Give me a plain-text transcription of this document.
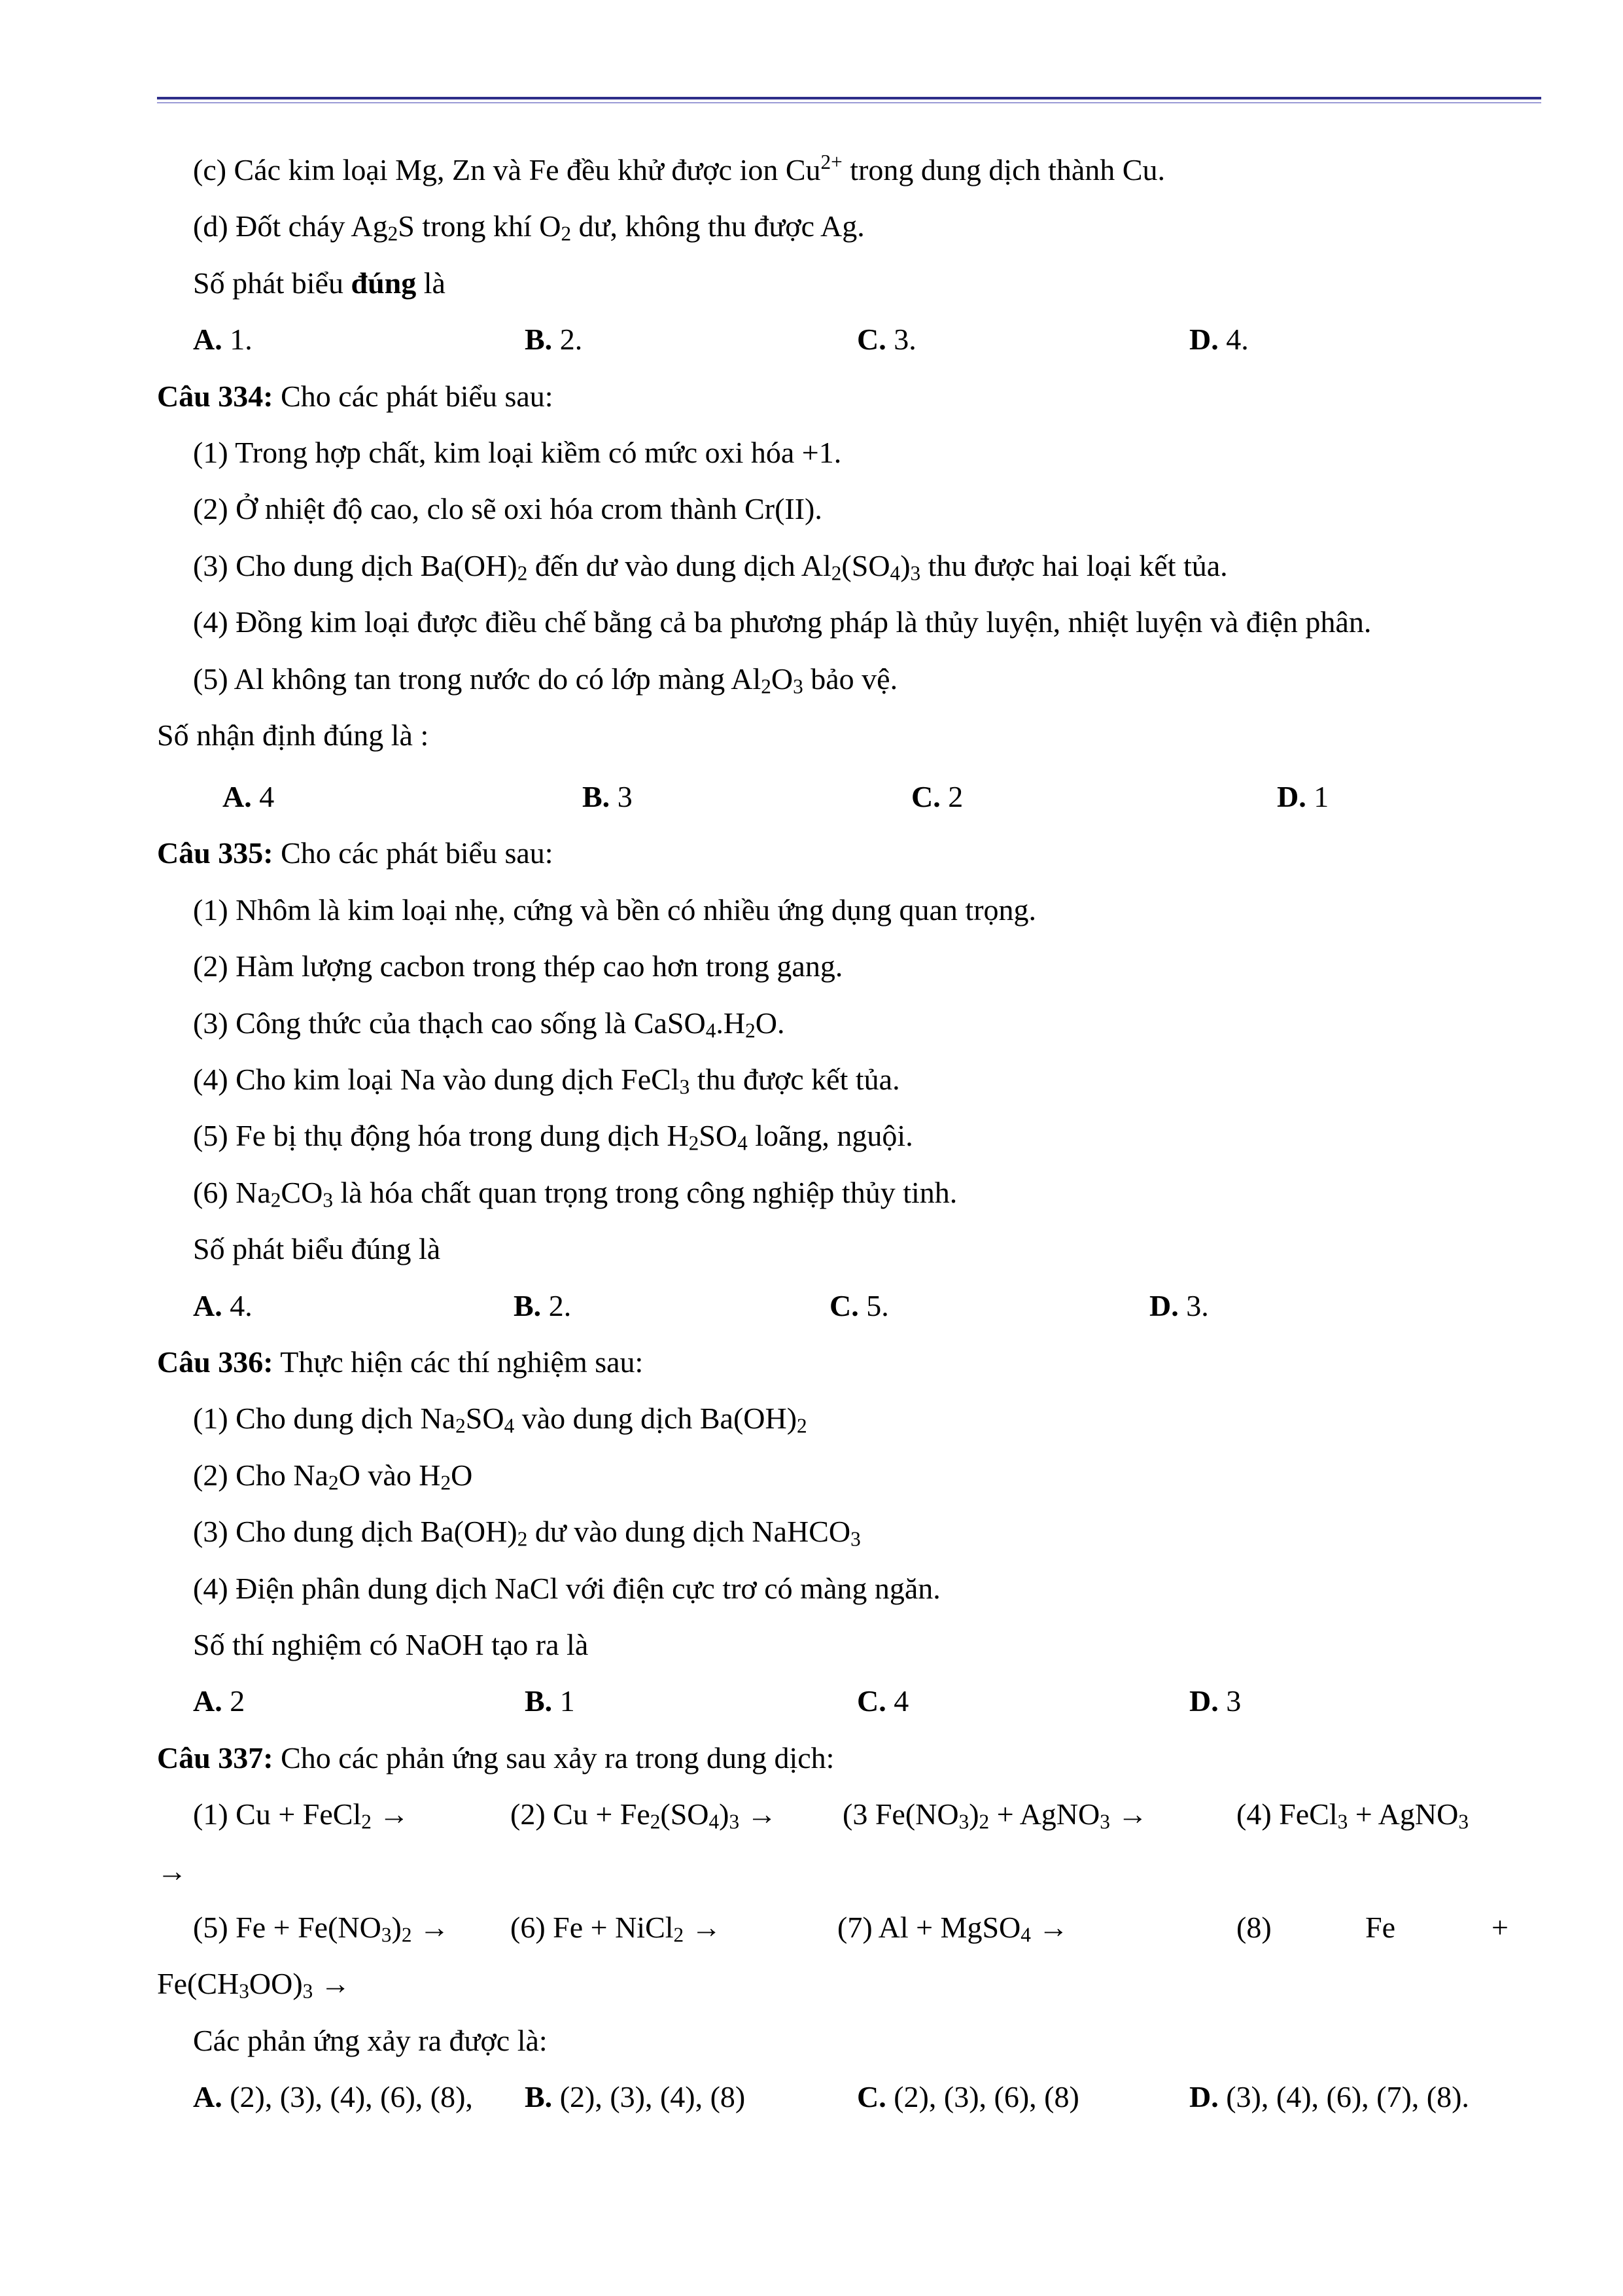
(c) Các kim loại Mg, Zn và Fe đều khử được ion $Cu^{2+}$ trong dung dịch thành Cu.
(d) Đốt cháy $Ag_2S$ trong khí $O_2$ dư, không thu được Ag.
Số phát biểu đúng là
A. 1.	B. 2.	C. 3.	D. 4.
Câu 334: Cho các phát biểu sau:
(1) Trong hợp chất, kim loại kiềm có mức oxi hóa +1.
(2) Ở nhiệt độ cao, clo sẽ oxi hóa crom thành Cr(II).
(3) Cho dung dịch $Ba(OH)_2$ đến dư vào dung dịch $Al_2(SO_4)_3$ thu được hai loại kết tủa.
(4) Đồng kim loại được điều chế bằng cả ba phương pháp là thủy luyện, nhiệt luyện và điện phân.
(5) Al không tan trong nước do có lớp màng $Al_2O_3$ bảo vệ.
Số nhận định đúng là :
A. 4	B. 3	C. 2	D. 1
Câu 335: Cho các phát biểu sau:
(1) Nhôm là kim loại nhẹ, cứng và bền có nhiều ứng dụng quan trọng.
(2) Hàm lượng cacbon trong thép cao hơn trong gang.
(3) Công thức của thạch cao sống là $CaSO_4.H_2O$.
(4) Cho kim loại Na vào dung dịch FeCl$_3$ thu được kết tủa.
(5) Fe bị thụ động hóa trong dung dịch $H_2SO_4$ loãng, nguội.
(6) $Na_2CO_3$ là hóa chất quan trọng trong công nghiệp thủy tinh.
Số phát biểu đúng là
A. 4.	B. 2.	C. 5.	D. 3.
Câu 336: Thực hiện các thí nghiệm sau:
(1) Cho dung dịch $Na_2SO_4$ vào dung dịch $Ba(OH)_2$
(2) Cho $Na_2O$ vào $H_2O$
(3) Cho dung dịch $Ba(OH)_2$ dư vào dung dịch NaHCO$_3$
(4) Điện phân dung dịch NaCl với điện cực trơ có màng ngăn.
Số thí nghiệm có NaOH tạo ra là
A. 2	B. 1	C. 4	D. 3
Câu 337: Cho các phản ứng sau xảy ra trong dung dịch:
(1) Cu + FeCl$_2$ →	(2) $Cu + Fe_2(SO_4)_3 \to (3$ $Fe(NO_3)_2$ + AgNO$_3$ →	(4) FeCl$_3$ + AgNO$_3$
→
(5) $Fe + Fe(NO_3)_2 \to (6) Fe$ + NiCl$_2$ →	(7) Al + MgSO$_4$ →	(8)	Fe	+
$Fe(CH_3OO)_3$ →
Các phản ứng xảy ra được là:
A. (2), (3), (4), (6), (8), B. (2), (3), (4), (8)	C. (2), (3), (6), (8)	D. (3), (4), (6), (7), (8).
